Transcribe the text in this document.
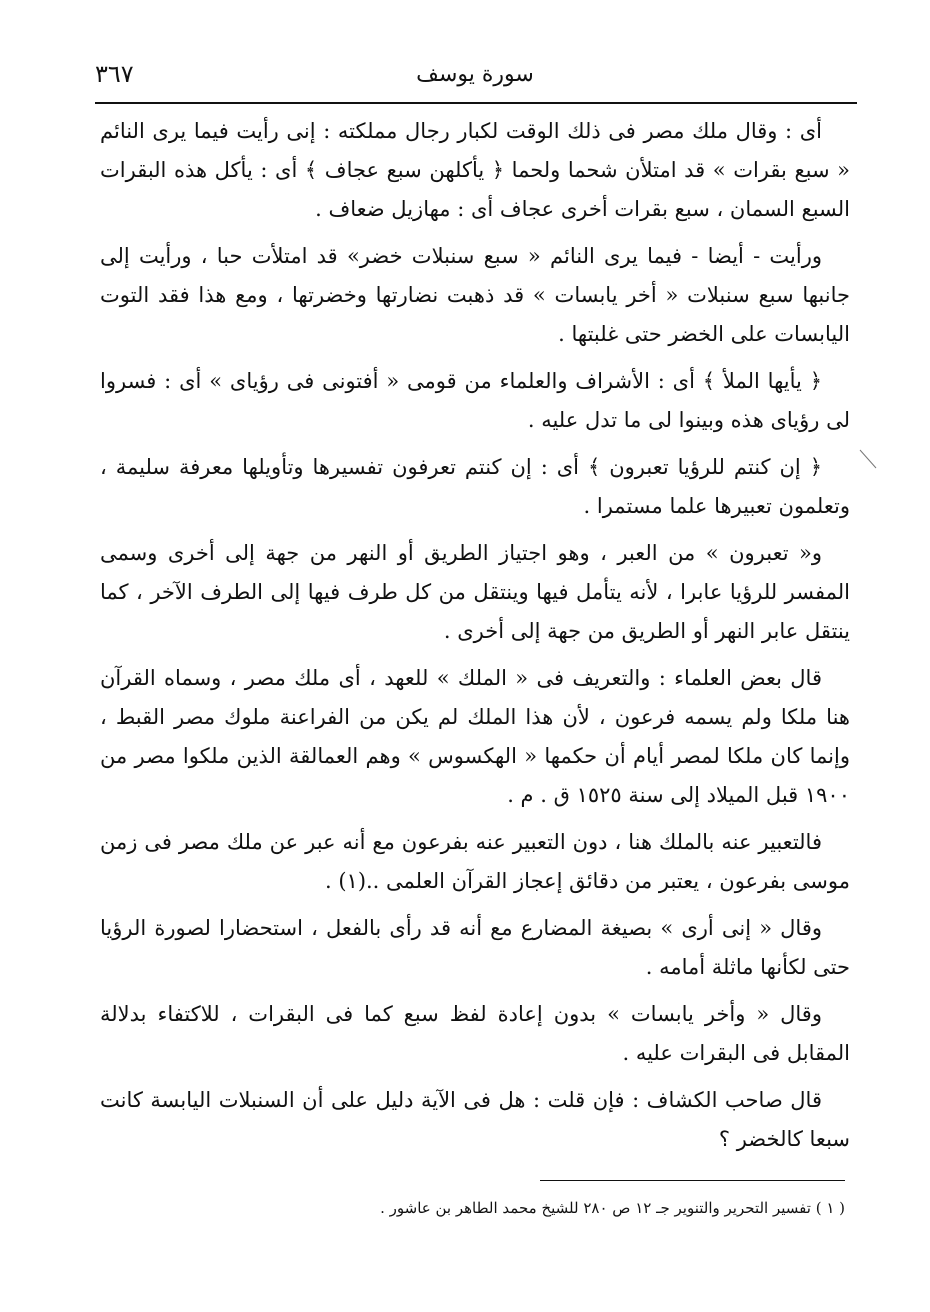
٣٦٧	سورة يوسف

أى : وقال ملك مصر فى ذلك الوقت لكبار رجال مملكته : إنى رأيت فيما يرى النائم « سبع بقرات » قد امتلأن شحما ولحما ﴿ يأكلهن سبع عجاف ﴾ أى : يأكل هذه البقرات السبع السمان ، سبع بقرات أخرى عجاف أى : مهازيل ضعاف .

ورأيت - أيضا - فيما يرى النائم « سبع سنبلات خضر» قد امتلأت حبا ، ورأيت إلى جانبها سبع سنبلات « أخر يابسات » قد ذهبت نضارتها وخضرتها ، ومع هذا فقد التوت اليابسات على الخضر حتى غلبتها .

﴿ يأيها الملأ ﴾ أى : الأشراف والعلماء من قومى « أفتونى فى رؤياى » أى : فسروا لى رؤياى هذه وبينوا لى ما تدل عليه .

﴿ إن كنتم للرؤيا تعبرون ﴾ أى : إن كنتم تعرفون تفسيرها وتأويلها معرفة سليمة ، وتعلمون تعبيرها علما مستمرا .

و« تعبرون » من العبر ، وهو اجتياز الطريق أو النهر من جهة إلى أخرى وسمى المفسر للرؤيا عابرا ، لأنه يتأمل فيها وينتقل من كل طرف فيها إلى الطرف الآخر ، كما ينتقل عابر النهر أو الطريق من جهة إلى أخرى .

قال بعض العلماء : والتعريف فى « الملك » للعهد ، أى ملك مصر ، وسماه القرآن هنا ملكا ولم يسمه فرعون ، لأن هذا الملك لم يكن من الفراعنة ملوك مصر القبط ، وإنما كان ملكا لمصر أيام أن حكمها « الهكسوس » وهم العمالقة الذين ملكوا مصر من ١٩٠٠ قبل الميلاد إلى سنة ١٥٢٥ ق . م .

فالتعبير عنه بالملك هنا ، دون التعبير عنه بفرعون مع أنه عبر عن ملك مصر فى زمن موسى بفرعون ، يعتبر من دقائق إعجاز القرآن العلمى ..(١) .

وقال « إنى أرى » بصيغة المضارع مع أنه قد رأى بالفعل ، استحضارا لصورة الرؤيا حتى لكأنها ماثلة أمامه .

وقال « وأخر يابسات » بدون إعادة لفظ سبع كما فى البقرات ، للاكتفاء بدلالة المقابل فى البقرات عليه .

قال صاحب الكشاف : فإن قلت : هل فى الآية دليل على أن السنبلات اليابسة كانت سبعا كالخضر ؟

( ١ ) تفسير التحرير والتنوير جـ ١٢ ص ٢٨٠ للشيخ محمد الطاهر بن عاشور .
